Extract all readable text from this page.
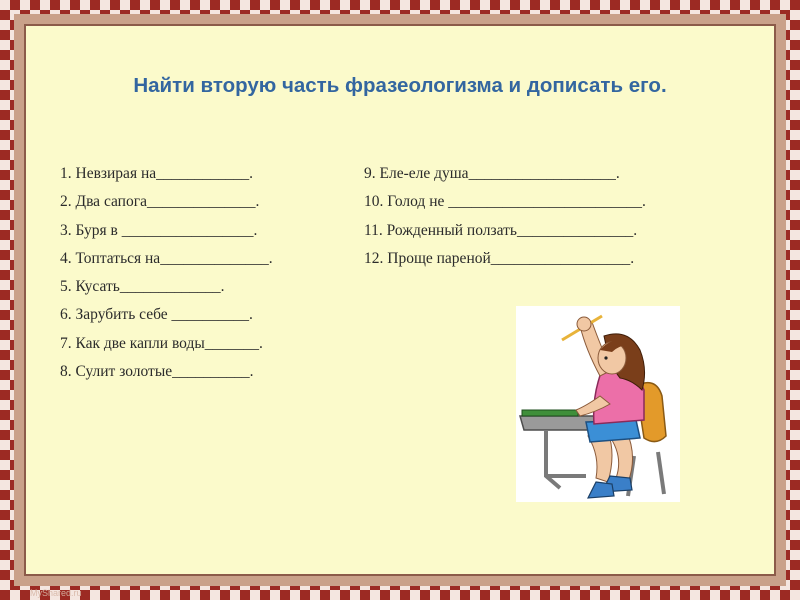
Найти вторую часть фразеологизма и дописать его.
1. Невзирая на____________.
2. Два сапога______________.
3. Буря в _________________.
4. Топтаться на______________.
5. Кусать_____________.
6. Зарубить себе __________.
7. Как две капли воды_______.
8. Сулит золотые__________.
9. Еле-еле душа___________________.
10. Голод не _________________________.
11. Рожденный ползать_______________.
12. Проще пареной__________________.
MyShared.ru
